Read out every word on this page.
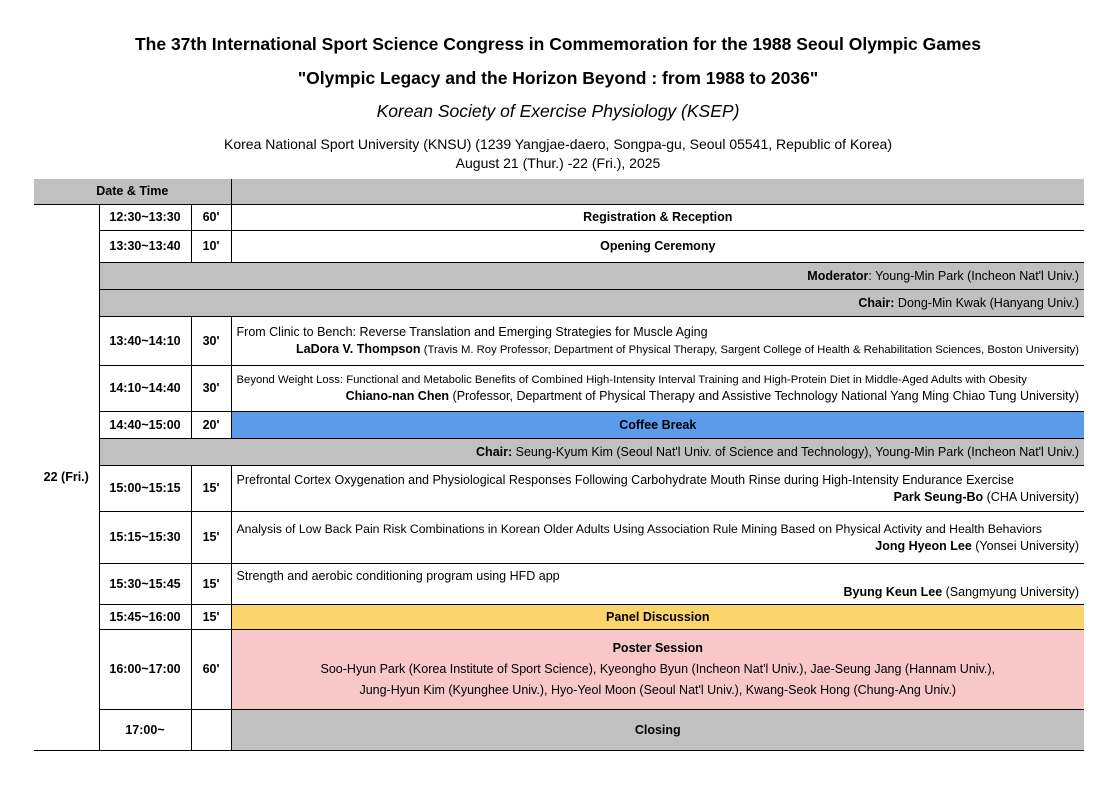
The 37th International Sport Science Congress in Commemoration for the 1988 Seoul Olympic Games
"Olympic Legacy and the Horizon Beyond : from 1988 to 2036"
Korean Society of Exercise Physiology (KSEP)
Korea National Sport University (KNSU) (1239 Yangjae-daero, Songpa-gu, Seoul 05541, Republic of Korea)
August 21 (Thur.) -22 (Fri.), 2025
Date & Time			
22 (Fri.)	12:30~13:30	60'	Registration & Reception
	13:30~13:40	10'	Opening Ceremony
	Moderator: Young-Min Park (Incheon Nat'l Univ.)		
	Chair: Dong-Min Kwak (Hanyang Univ.)		
	13:40~14:10	30'	From Clinic to Bench: Reverse Translation and Emerging Strategies for Muscle Aging
LaDora V. Thompson (Travis M. Roy Professor, Department of Physical Therapy, Sargent College of Health & Rehabilitation Sciences, Boston University)

	14:10~14:40	30'	Beyond Weight Loss: Functional and Metabolic Benefits of Combined High-Intensity Interval Training and High-Protein Diet in Middle-Aged Adults with Obesity
Chiano-nan Chen (Professor, Department of Physical Therapy and Assistive Technology National Yang Ming Chiao Tung University)

	14:40~15:00	20'	Coffee Break
	Chair: Seung-Kyum Kim (Seoul Nat'l Univ. of Science and Technology), Young-Min Park (Incheon Nat'l Univ.)		
	15:00~15:15	15'	Prefrontal Cortex Oxygenation and Physiological Responses Following Carbohydrate Mouth Rinse during High-Intensity Endurance Exercise
Park Seung-Bo (CHA University)

	15:15~15:30	15'	Analysis of Low Back Pain Risk Combinations in Korean Older Adults Using Association Rule Mining Based on Physical Activity and Health Behaviors
Jong Hyeon Lee (Yonsei University)

	15:30~15:45	15'	Strength and aerobic conditioning program using HFD app
Byung Keun Lee (Sangmyung University)

	15:45~16:00	15'	Panel Discussion
	16:00~17:00	60'	Poster Session
Soo-Hyun Park (Korea Institute of Sport Science), Kyeongho Byun (Incheon Nat'l Univ.), Jae-Seung Jang (Hannam Univ.),
Jung-Hyun Kim (Kyunghee Univ.), Hyo-Yeol Moon (Seoul Nat'l Univ.), Kwang-Seok Hong (Chung-Ang Univ.)

	17:00~		Closing
